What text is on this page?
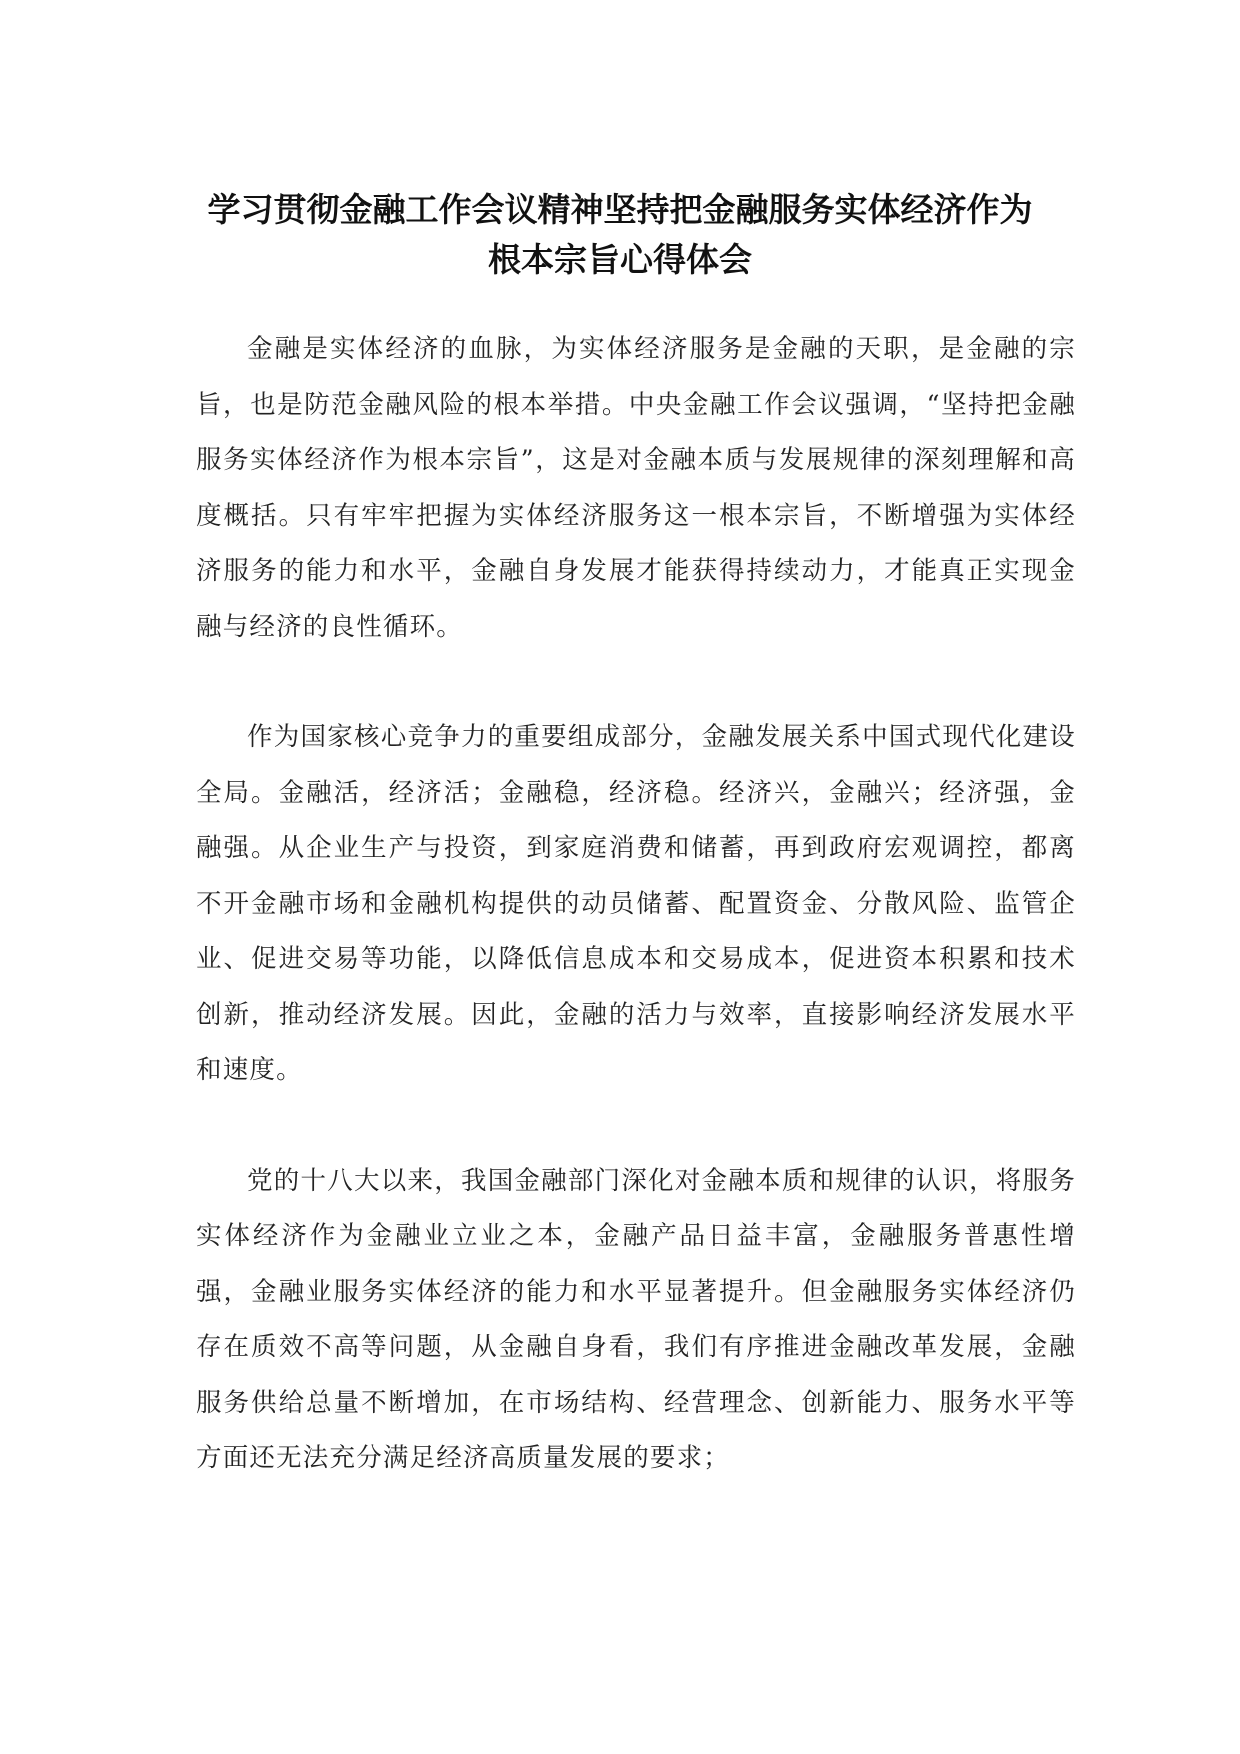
学习贯彻金融工作会议精神坚持把金融服务实体经济作为
根本宗旨心得体会

金融是实体经济的血脉，为实体经济服务是金融的天职，是金融的宗旨，也是防范金融风险的根本举措。中央金融工作会议强调，“坚持把金融服务实体经济作为根本宗旨”，这是对金融本质与发展规律的深刻理解和高度概括。只有牢牢把握为实体经济服务这一根本宗旨，不断增强为实体经济服务的能力和水平，金融自身发展才能获得持续动力，才能真正实现金融与经济的良性循环。

作为国家核心竞争力的重要组成部分，金融发展关系中国式现代化建设全局。金融活，经济活；金融稳，经济稳。经济兴，金融兴；经济强，金融强。从企业生产与投资，到家庭消费和储蓄，再到政府宏观调控，都离不开金融市场和金融机构提供的动员储蓄、配置资金、分散风险、监管企业、促进交易等功能，以降低信息成本和交易成本，促进资本积累和技术创新，推动经济发展。因此，金融的活力与效率，直接影响经济发展水平和速度。

党的十八大以来，我国金融部门深化对金融本质和规律的认识，将服务实体经济作为金融业立业之本，金融产品日益丰富，金融服务普惠性增强，金融业服务实体经济的能力和水平显著提升。但金融服务实体经济仍存在质效不高等问题，从金融自身看，我们有序推进金融改革发展，金融服务供给总量不断增加，在市场结构、经营理念、创新能力、服务水平等方面还无法充分满足经济高质量发展的要求；
